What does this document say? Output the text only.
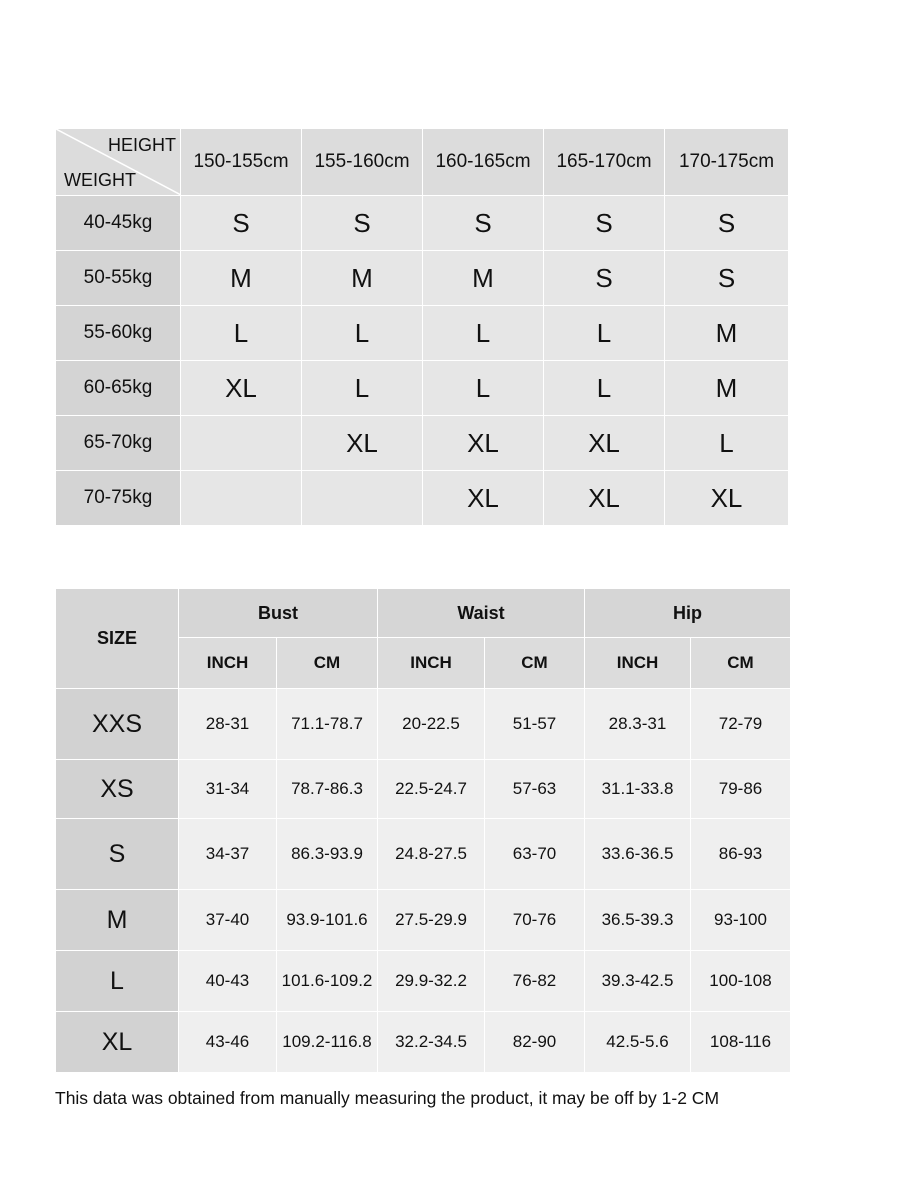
HEIGHT
WEIGHT	150-155cm	155-160cm	160-165cm	165-170cm	170-175cm
40-45kg	S	S	S	S	S
50-55kg	M	M	M	S	S
55-60kg	L	L	L	L	M
60-65kg	XL	L	L	L	M
65-70kg		XL	XL	XL	L
70-75kg			XL	XL	XL
SIZE	Bust		Waist		Hip	
	INCH	CM	INCH	CM	INCH	CM
XXS	28-31	71.1-78.7	20-22.5	51-57	28.3-31	72-79
XS	31-34	78.7-86.3	22.5-24.7	57-63	31.1-33.8	79-86
S	34-37	86.3-93.9	24.8-27.5	63-70	33.6-36.5	86-93
M	37-40	93.9-101.6	27.5-29.9	70-76	36.5-39.3	93-100
L	40-43	101.6-109.2	29.9-32.2	76-82	39.3-42.5	100-108
XL	43-46	109.2-116.8	32.2-34.5	82-90	42.5-5.6	108-116
This data was obtained from manually measuring the product, it may be off by 1-2 CM
